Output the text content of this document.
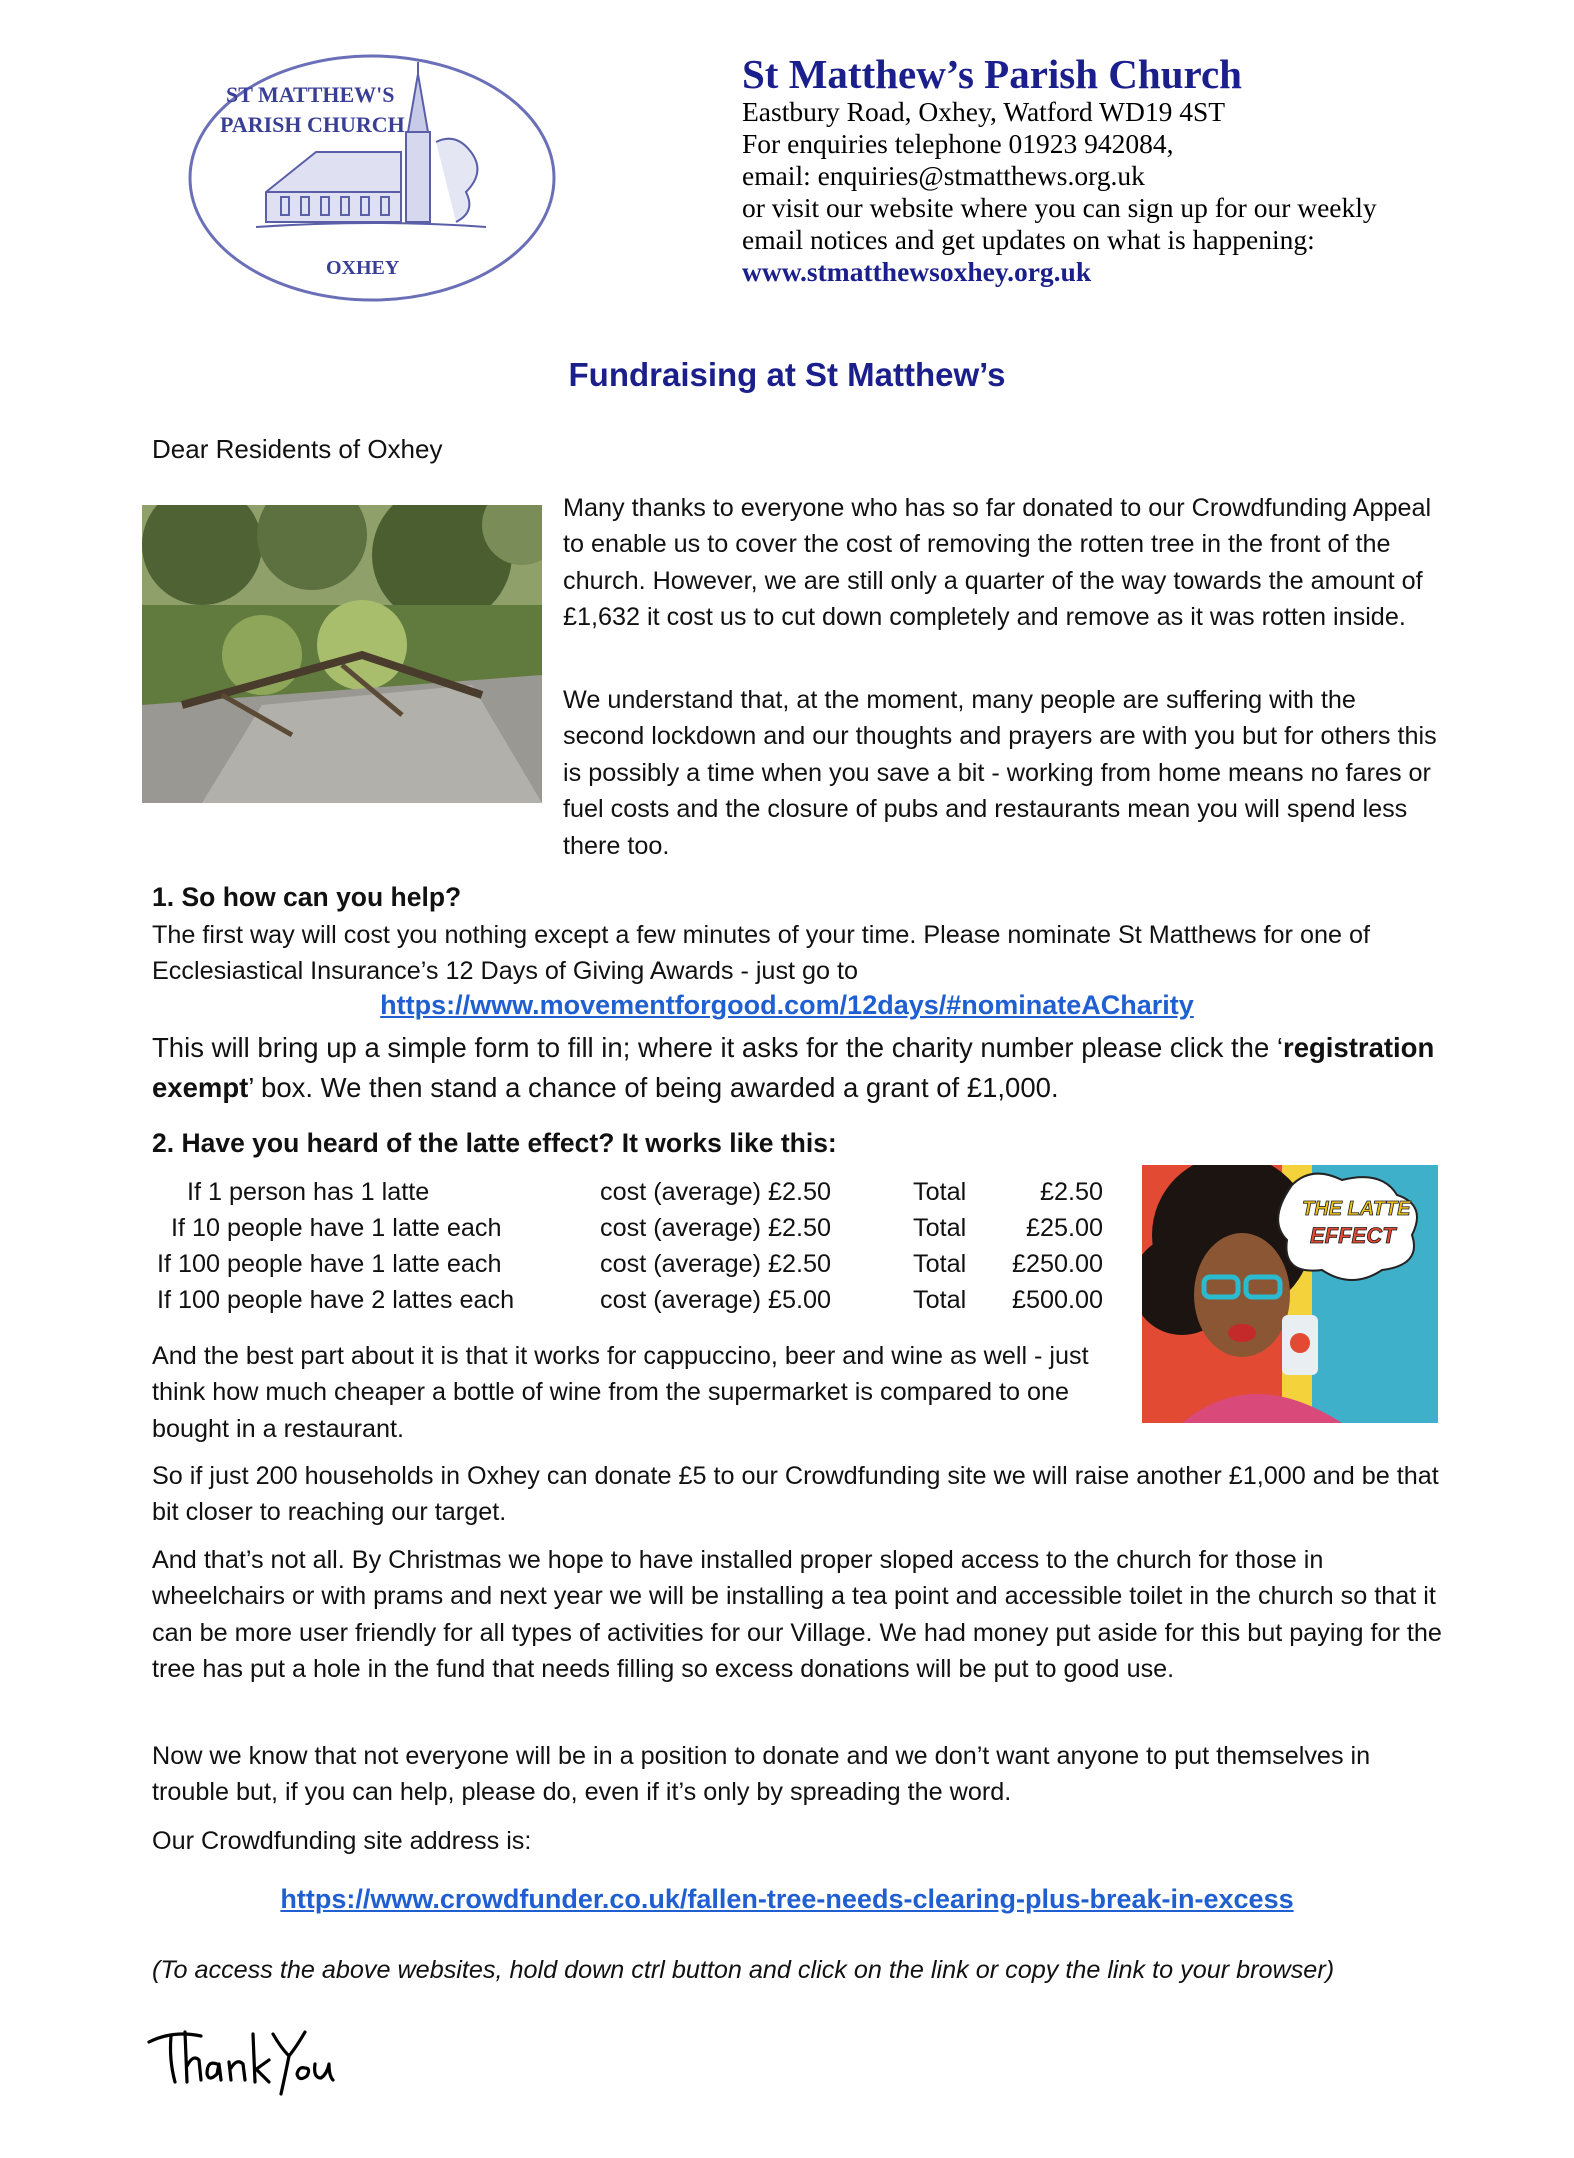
ST MATTHEW'S
PARISH CHURCH
OXHEY
St Matthew’s Parish Church
Eastbury Road, Oxhey, Watford WD19 4ST
For enquiries telephone 01923 942084,
email: enquiries@stmatthews.org.uk
or visit our website where you can sign up for our weekly
email notices and get updates on what is happening:
www.stmatthewsoxhey.org.uk
Fundraising at St Matthew’s
Dear Residents of Oxhey
Many thanks to everyone who has so far donated to our Crowdfunding Appeal to enable us to cover the cost of removing the rotten tree in the front of the church. However, we are still only a quarter of the way towards the amount of £1,632 it cost us to cut down completely and remove as it was rotten inside.
We understand that, at the moment, many people are suffering with the second lockdown and our thoughts and prayers are with you but for others this is possibly a time when you save a bit - working from home means no fares or fuel costs and the closure of pubs and restaurants mean you will spend less there too.
1. So how can you help?
The first way will cost you nothing except a few minutes of your time. Please nominate St Matthews for one of Ecclesiastical Insurance’s 12 Days of Giving Awards - just go to
https://www.movementforgood.com/12days/#nominateACharity
This will bring up a simple form to fill in; where it asks for the charity number please click the ‘registration exempt’ box. We then stand a chance of being awarded a grant of £1,000.
2. Have you heard of the latte effect? It works like this:
If 1 person has 1 latte	cost (average) £2.50	Total	£2.50
If 10 people have 1 latte each	cost (average) £2.50	Total £25.00
If 100 people have 1 latte each	cost (average) £2.50	Total £250.00
If 100 people have 2 lattes each	cost (average) £5.00	Total £500.00
THE LATTE
EFFECT
And the best part about it is that it works for cappuccino, beer and wine as well - just think how much cheaper a bottle of wine from the supermarket is compared to one bought in a restaurant.
So if just 200 households in Oxhey can donate £5 to our Crowdfunding site we will raise another £1,000 and be that bit closer to reaching our target.
And that’s not all. By Christmas we hope to have installed proper sloped access to the church for those in wheelchairs or with prams and next year we will be installing a tea point and accessible toilet in the church so that it can be more user friendly for all types of activities for our Village. We had money put aside for this but paying for the tree has put a hole in the fund that needs filling so excess donations will be put to good use.
Now we know that not everyone will be in a position to donate and we don’t want anyone to put themselves in trouble but, if you can help, please do, even if it’s only by spreading the word.
Our Crowdfunding site address is:
https://www.crowdfunder.co.uk/fallen-tree-needs-clearing-plus-break-in-excess
(To access the above websites, hold down ctrl button and click on the link or copy the link to your browser)
